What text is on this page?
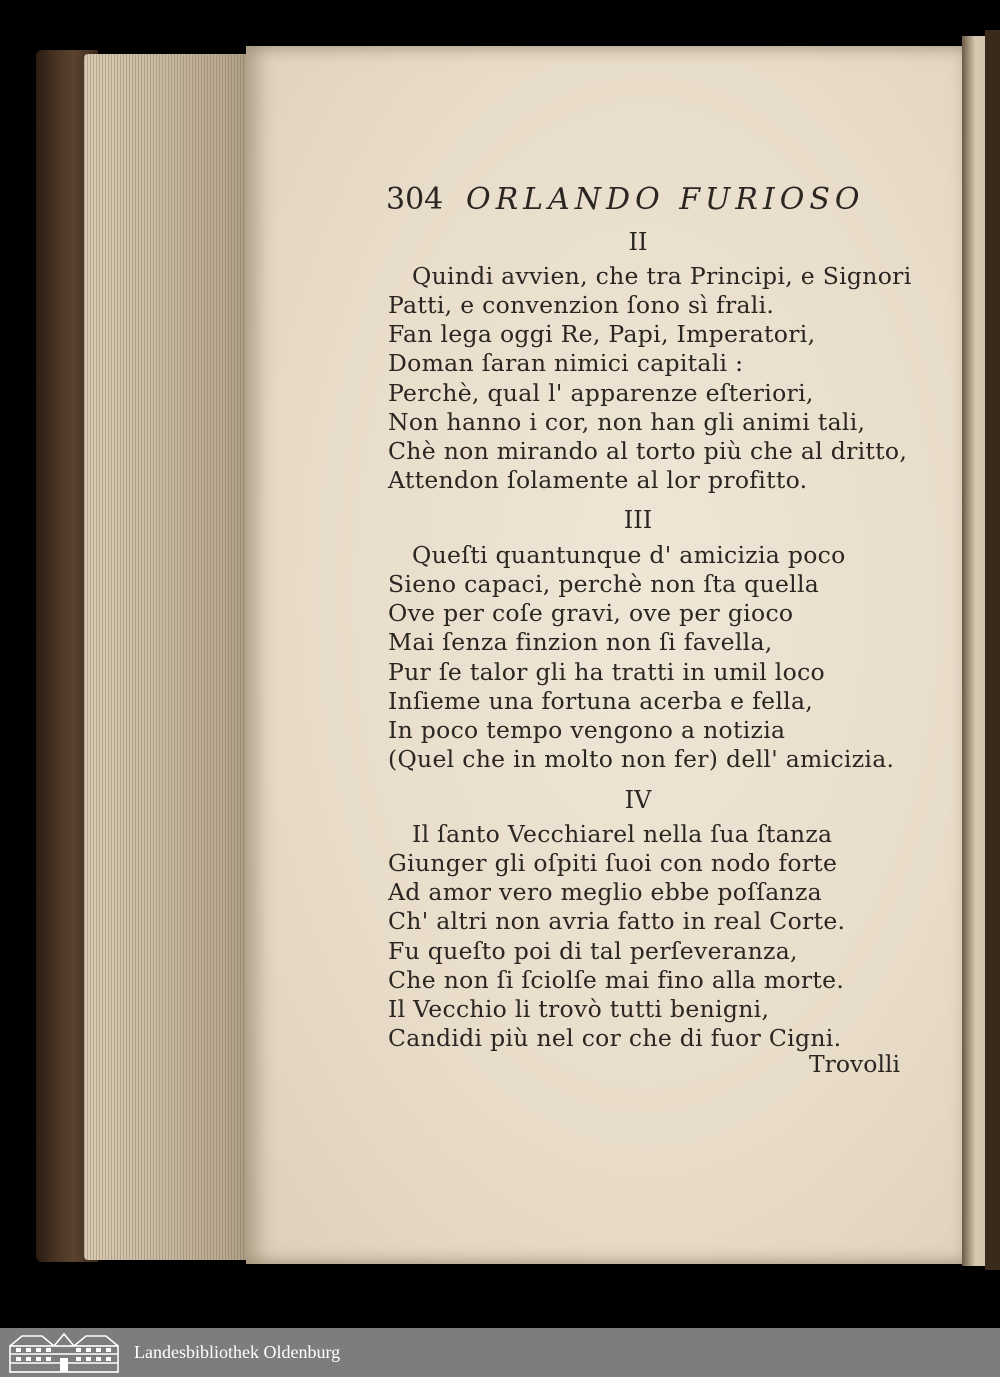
304 ORLANDO FURIOSO
II
Quindi avvien, che tra Principi, e Signori
Patti, e convenzion ſono sì frali.
Fan lega oggi Re, Papi, Imperatori,
Doman ſaran nimici capitali :
Perchè, qual l' apparenze eſteriori,
Non hanno i cor, non han gli animi tali,
Chè non mirando al torto più che al dritto,
Attendon ſolamente al lor profitto.
III
Queſti quantunque d' amicizia poco
Sieno capaci, perchè non ſta quella
Ove per coſe gravi, ove per gioco
Mai ſenza finzion non ſi favella,
Pur ſe talor gli ha tratti in umil loco
Inſieme una fortuna acerba e fella,
In poco tempo vengono a notizia
(Quel che in molto non fer) dell' amicizia.
IV
Il ſanto Vecchiarel nella ſua ſtanza
Giunger gli oſpiti ſuoi con nodo forte
Ad amor vero meglio ebbe poſſanza
Ch' altri non avria fatto in real Corte.
Fu queſto poi di tal perſeveranza,
Che non ſi ſciolſe mai fino alla morte.
Il Vecchio li trovò tutti benigni,
Candidi più nel cor che di fuor Cigni.
Trovolli
Landesbibliothek Oldenburg
